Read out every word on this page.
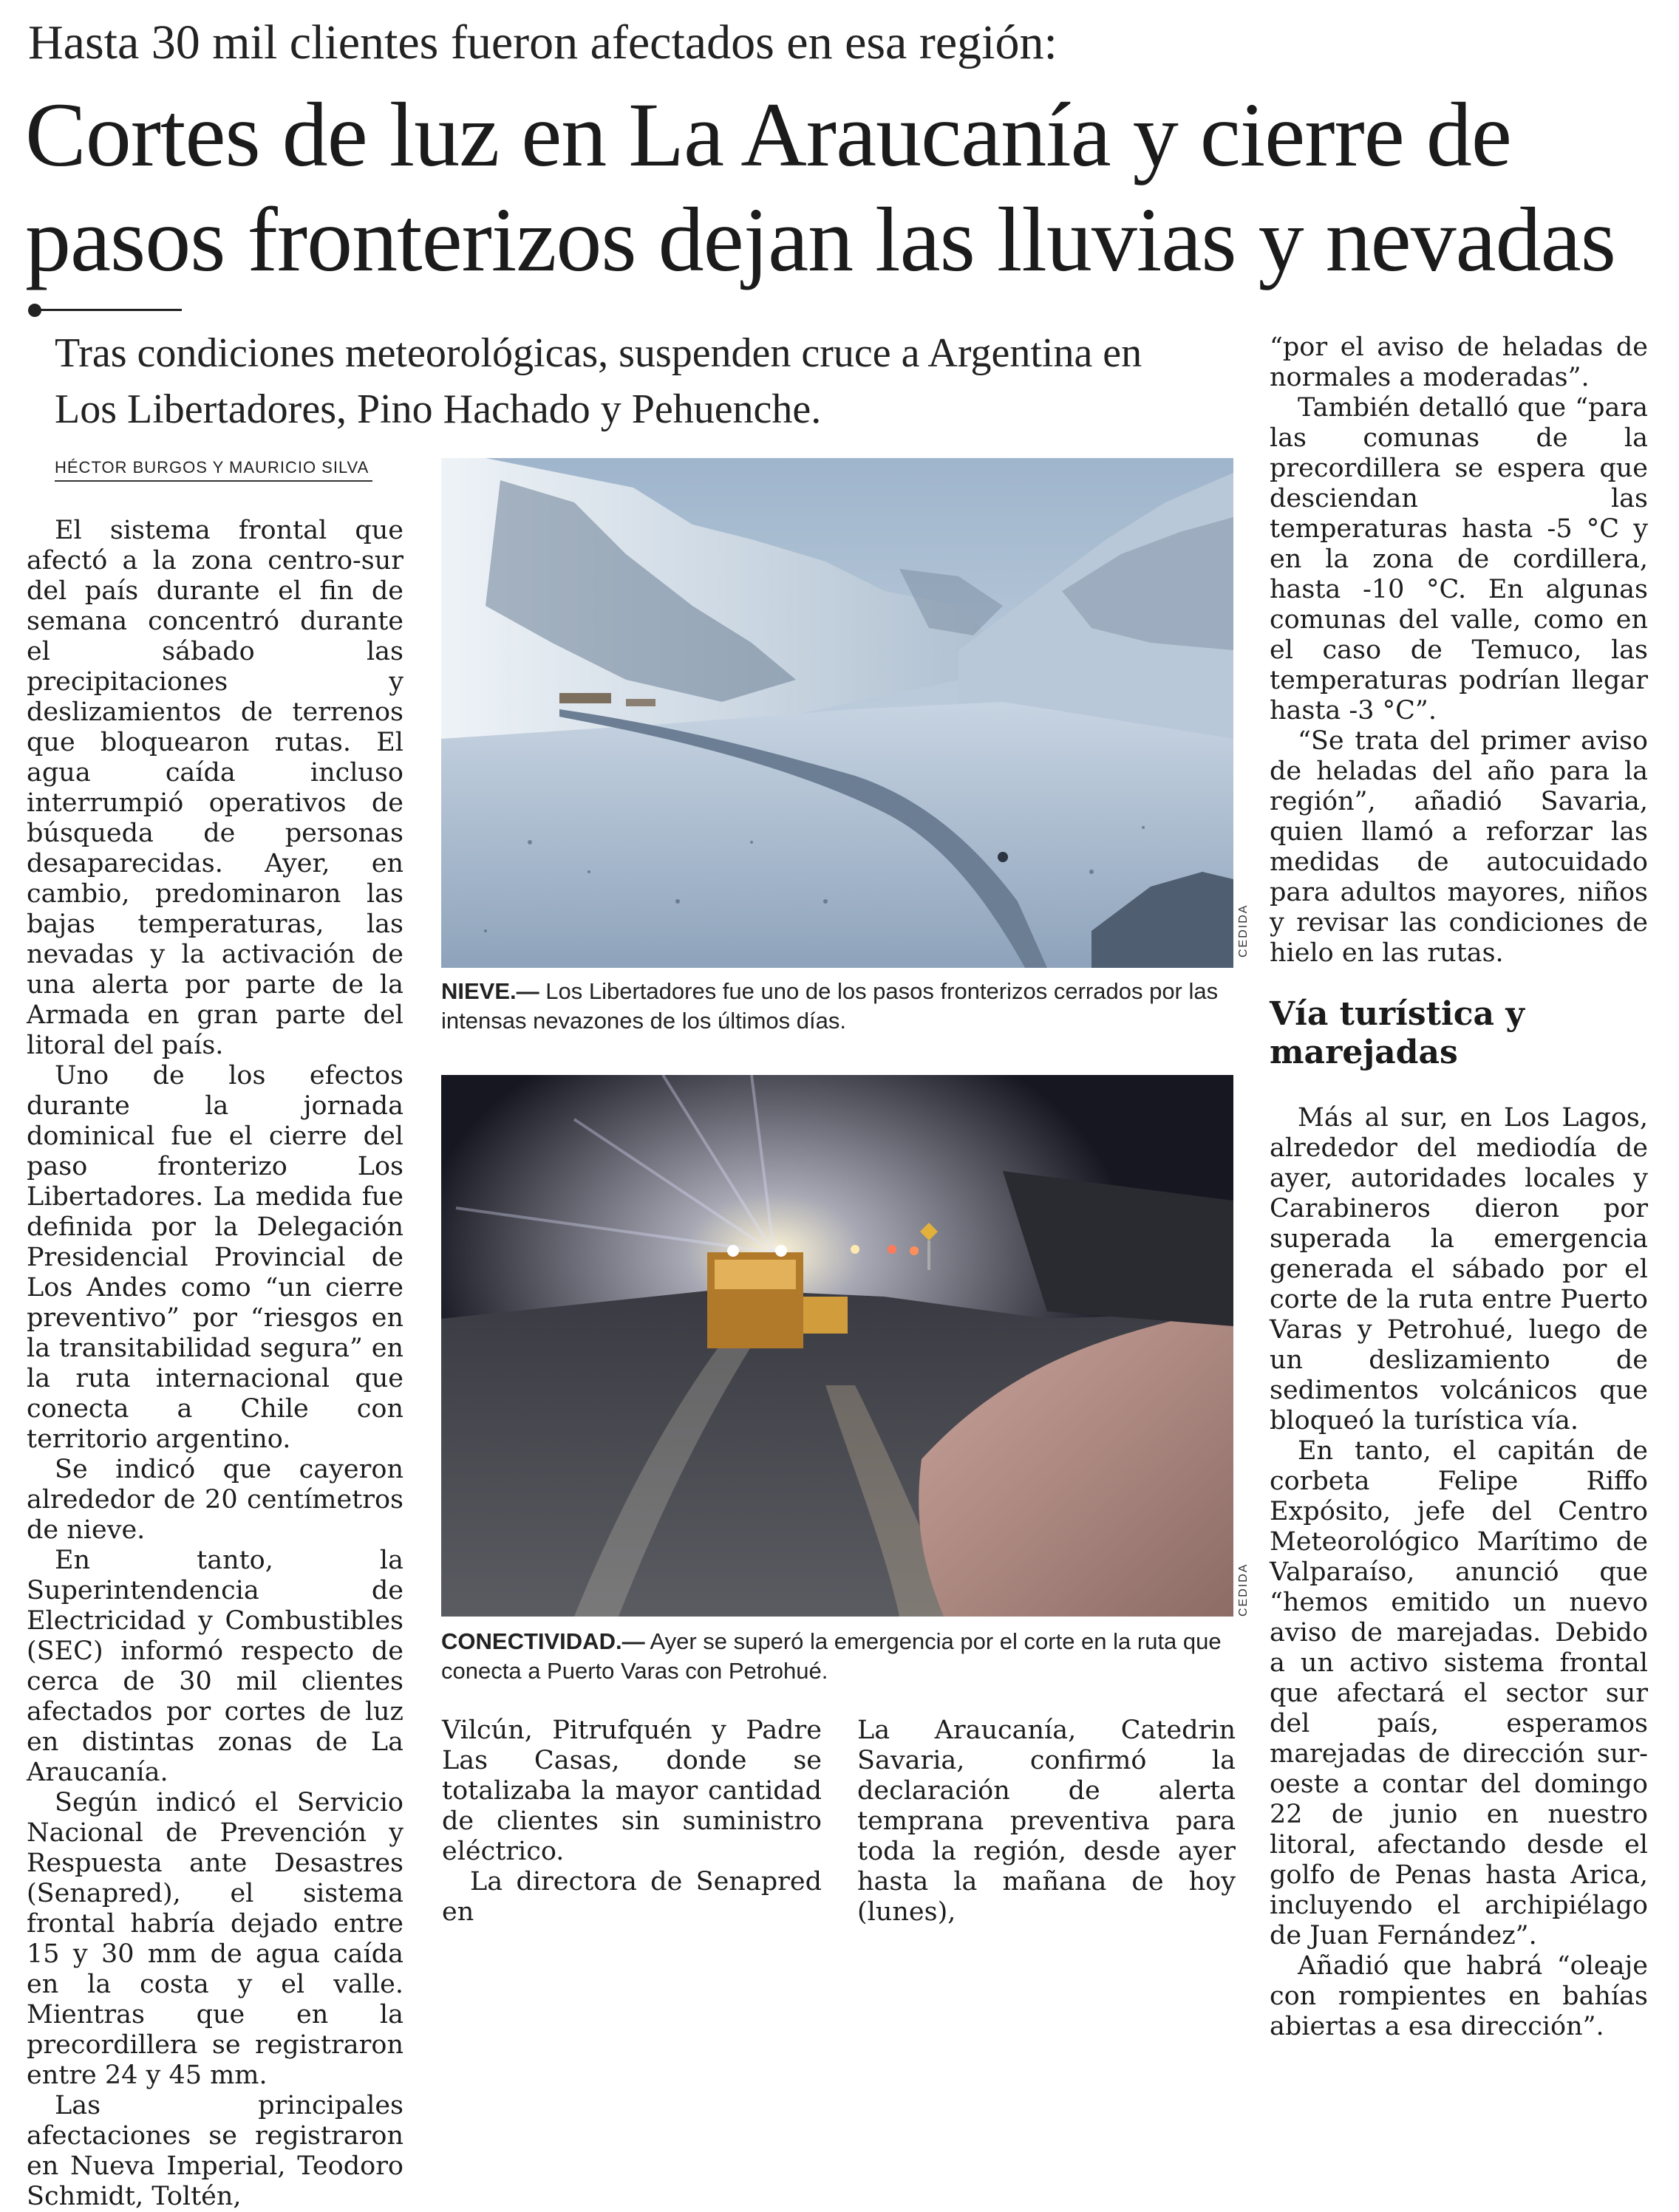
Hasta 30 mil clientes fueron afectados en esa región:
Cortes de luz en La Araucanía y cierre de pasos fronterizos dejan las lluvias y nevadas
Tras condiciones meteorológicas, suspenden cruce a Argentina en Los Libertadores, Pino Hachado y Pehuenche.
HÉCTOR BURGOS Y MAURICIO SILVA

El sistema frontal que afectó a la zona centro-sur del país durante el fin de semana concentró durante el sábado las precipitaciones y deslizamientos de terrenos que bloquearon rutas. El agua caída incluso interrumpió operativos de búsqueda de personas desaparecidas. Ayer, en cambio, predominaron las bajas temperaturas, las nevadas y la activación de una alerta por parte de la Armada en gran parte del litoral del país.

Uno de los efectos durante la jornada dominical fue el cierre del paso fronterizo Los Libertadores. La medida fue definida por la Delegación Presidencial Provincial de Los Andes como “un cierre preventivo” por “riesgos en la transitabilidad segura” en la ruta internacional que conecta a Chile con territorio argentino.

Se indicó que cayeron alrededor de 20 centímetros de nieve.

En tanto, la Superintendencia de Electricidad y Combustibles (SEC) informó respecto de cerca de 30 mil clientes afectados por cortes de luz en distintas zonas de La Araucanía.

Según indicó el Servicio Nacional de Prevención y Respuesta ante Desastres (Senapred), el sistema frontal habría dejado entre 15 y 30 mm de agua caída en la costa y el valle. Mientras que en la precordillera se registraron entre 24 y 45 mm.

Las principales afectaciones se registraron en Nueva Imperial, Teodoro Schmidt, Toltén,

CEDIDA
NIEVE.— Los Libertadores fue uno de los pasos fronterizos cerrados por las intensas nevazones de los últimos días.
CEDIDA
CONECTIVIDAD.— Ayer se superó la emergencia por el corte en la ruta que conecta a Puerto Varas con Petrohué.

Vilcún, Pitrufquén y Padre Las Casas, donde se totalizaba la mayor cantidad de clientes sin suministro eléctrico.

La directora de Senapred en

La Araucanía, Catedrin Savaria, confirmó la declaración de alerta temprana preventiva para toda la región, desde ayer hasta la mañana de hoy (lunes),

“por el aviso de heladas de normales a moderadas”.

También detalló que “para las comunas de la precordillera se espera que desciendan las temperaturas hasta -5 °C y en la zona de cordillera, hasta -10 °C. En algunas comunas del valle, como en el caso de Temuco, las temperaturas podrían llegar hasta -3 °C”.

“Se trata del primer aviso de heladas del año para la región”, añadió Savaria, quien llamó a reforzar las medidas de autocuidado para adultos mayores, niños y revisar las condiciones de hielo en las rutas.

Vía turística y marejadas

Más al sur, en Los Lagos, alrededor del mediodía de ayer, autoridades locales y Carabineros dieron por superada la emergencia generada el sábado por el corte de la ruta entre Puerto Varas y Petrohué, luego de un deslizamiento de sedimentos volcánicos que bloqueó la turística vía.

En tanto, el capitán de corbeta Felipe Riffo Expósito, jefe del Centro Meteorológico Marítimo de Valparaíso, anunció que “hemos emitido un nuevo aviso de marejadas. Debido a un activo sistema frontal que afectará el sector sur del país, esperamos marejadas de dirección sur-oeste a contar del domingo 22 de junio en nuestro litoral, afectando desde el golfo de Penas hasta Arica, incluyendo el archipiélago de Juan Fernández”.

Añadió que habrá “oleaje con rompientes en bahías abiertas a esa dirección”.
